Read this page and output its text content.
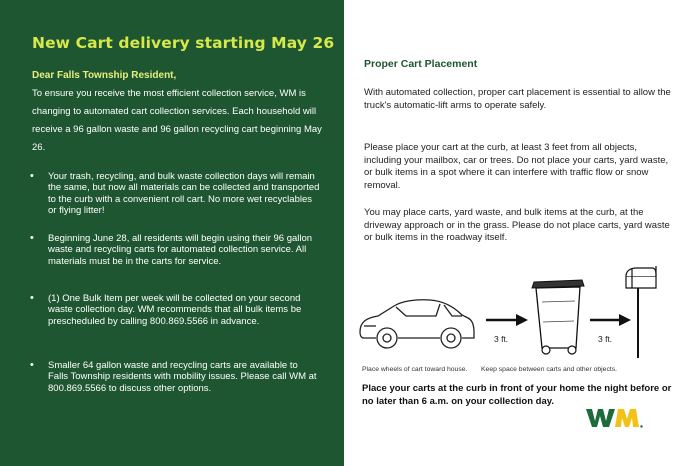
New Cart delivery starting May 26
Dear Falls Township Resident,
To ensure you receive the most efficient collection service, WM is changing to automated cart collection services. Each household will receive a 96 gallon waste and 96 gallon recycling cart beginning May 26.
• Your trash, recycling, and bulk waste collection days will remain the same, but now all materials can be collected and transported to the curb with a convenient roll cart. No more wet recyclables or flying litter!
• Beginning June 28, all residents will begin using their 96 gallon waste and recycling carts for automated collection service. All materials must be in the carts for service.
• (1) One Bulk Item per week will be collected on your second waste collection day. WM recommends that all bulk items be prescheduled by calling 800.869.5566 in advance.
• Smaller 64 gallon waste and recycling carts are available to Falls Township residents with mobility issues. Please call WM at 800.869.5566 to discuss other options.
Proper Cart Placement
With automated collection, proper cart placement is essential to allow the truck's automatic-lift arms to operate safely.
Please place your cart at the curb, at least 3 feet from all objects, including your mailbox, car or trees. Do not place your carts, yard waste, or bulk items in a spot where it can interfere with traffic flow or snow removal.
You may place carts, yard waste, and bulk items at the curb, at the driveway approach or in the grass. Please do not place carts, yard waste or bulk items in the roadway itself.
3 ft.	3 ft.
Place wheels of cart toward house. Keep space between carts and other objects.
Place your carts at the curb in front of your home the night before or no later than 6 a.m. on your collection day.
